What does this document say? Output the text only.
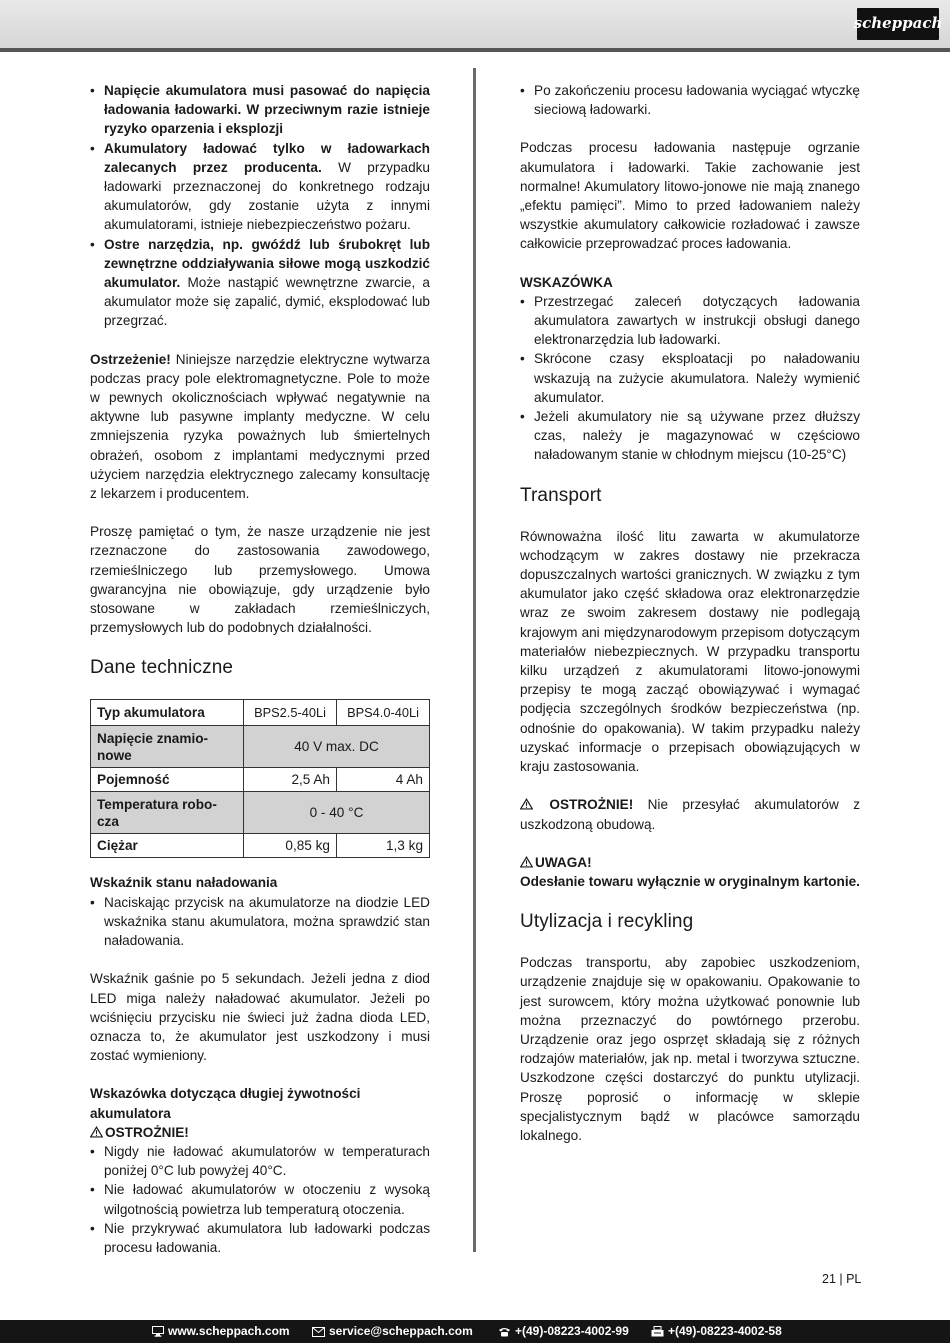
scheppach
• Napięcie akumulatora musi pasować do napięcia ładowania ładowarki. W przeciwnym razie istnieje ryzyko oparzenia i eksplozji
• Akumulatory ładować tylko w ładowarkach zalecanych przez producenta. W przypadku ładowarki przeznaczonej do konkretnego rodzaju akumulatorów, gdy zostanie użyta z innymi akumulatorami, istnieje niebezpieczeństwo pożaru.
• Ostre narzędzia, np. gwóźdź lub śrubokręt lub zewnętrzne oddziaływania siłowe mogą uszkodzić akumulator. Może nastąpić wewnętrzne zwarcie, a akumulator może się zapalić, dymić, eksplodować lub przegrzać.

Ostrzeżenie! Niniejsze narzędzie elektryczne wytwarza podczas pracy pole elektromagnetyczne. Pole to może w pewnych okolicznościach wpływać negatywnie na aktywne lub pasywne implanty medyczne. W celu zmniejszenia ryzyka poważnych lub śmiertelnych obrażeń, osobom z implantami medycznymi przed użyciem narzędzia elektrycznego zalecamy konsultację z lekarzem i producentem.

Proszę pamiętać o tym, że nasze urządzenie nie jest rzeznaczone do zastosowania zawodowego, rzemieślniczego lub przemysłowego. Umowa gwarancyjna nie obowiązuje, gdy urządzenie było stosowane w zakładach rzemieślniczych, przemysłowych lub do podobnych działalności.

Dane techniczne
Typ akumulatora	BPS2.5-40Li	BPS4.0-40Li
Napięcie znamio-
nowe	40 V max. DC	
Pojemność	2,5 Ah	4 Ah
Temperatura robo-
cza	0 - 40 °C	
Ciężar	0,85 kg	1,3 kg
Wskaźnik stanu naładowania
• Naciskając przycisk na akumulatorze na diodzie LED wskaźnika stanu akumulatora, można sprawdzić stan naładowania.

Wskaźnik gaśnie po 5 sekundach. Jeżeli jedna z diod LED miga należy naładować akumulator. Jeżeli po wciśnięciu przycisku nie świeci już żadna dioda LED, oznacza to, że akumulator jest uszkodzony i musi zostać wymieniony.

Wskazówka dotycząca długiej żywotności akumulatora
OSTROŻNIE!
• Nigdy nie ładować akumulatorów w temperaturach poniżej 0°C lub powyżej 40°C.
• Nie ładować akumulatorów w otoczeniu z wysoką wilgotnością powietrza lub temperaturą otoczenia.
• Nie przykrywać akumulatora lub ładowarki podczas procesu ładowania.
• Po zakończeniu procesu ładowania wyciągać wtyczkę sieciową ładowarki.

Podczas procesu ładowania następuje ogrzanie akumulatora i ładowarki. Takie zachowanie jest normalne! Akumulatory litowo-jonowe nie mają znanego „efektu pamięci”. Mimo to przed ładowaniem należy wszystkie akumulatory całkowicie rozładować i zawsze całkowicie przeprowadzać proces ładowania.

WSKAZÓWKA
• Przestrzegać zaleceń dotyczących ładowania akumulatora zawartych w instrukcji obsługi danego elektronarzędzia lub ładowarki.
• Skrócone czasy eksploatacji po naładowaniu wskazują na zużycie akumulatora. Należy wymienić akumulator.
• Jeżeli akumulatory nie są używane przez dłuższy czas, należy je magazynować w częściowo naładowanym stanie w chłodnym miejscu (10-25°C)
Transport

Równoważna ilość litu zawarta w akumulatorze wchodzącym w zakres dostawy nie przekracza dopuszczalnych wartości granicznych. W związku z tym akumulator jako część składowa oraz elektronarzędzie wraz ze swoim zakresem dostawy nie podlegają krajowym ani międzynarodowym przepisom dotyczącym materiałów niebezpiecznych. W przypadku transportu kilku urządzeń z akumulatorami litowo-jonowymi przepisy te mogą zacząć obowiązywać i wymagać podjęcia szczególnych środków bezpieczeństwa (np. odnośnie do opakowania). W takim przypadku należy uzyskać informacje o przepisach obowiązujących w kraju zastosowania.

OSTROŻNIE! Nie przesyłać akumulatorów z uszkodzoną obudową.

UWAGA!

Odesłanie towaru wyłącznie w oryginalnym kartonie.

Utylizacja i recykling

Podczas transportu, aby zapobiec uszkodzeniom, urządzenie znajduje się w opakowaniu. Opakowanie to jest surowcem, który można użytkować ponownie lub można przeznaczyć do powtórnego przerobu. Urządzenie oraz jego osprzęt składają się z różnych rodzajów materiałów, jak np. metal i tworzywa sztuczne. Uszkodzone części dostarczyć do punktu utylizacji. Proszę poprosić o informację w sklepie specjalistycznym bądź w placówce samorządu lokalnego.

21 | PL
www.scheppach.com	service@scheppach.com	+(49)-08223-4002-99	+(49)-08223-4002-58
